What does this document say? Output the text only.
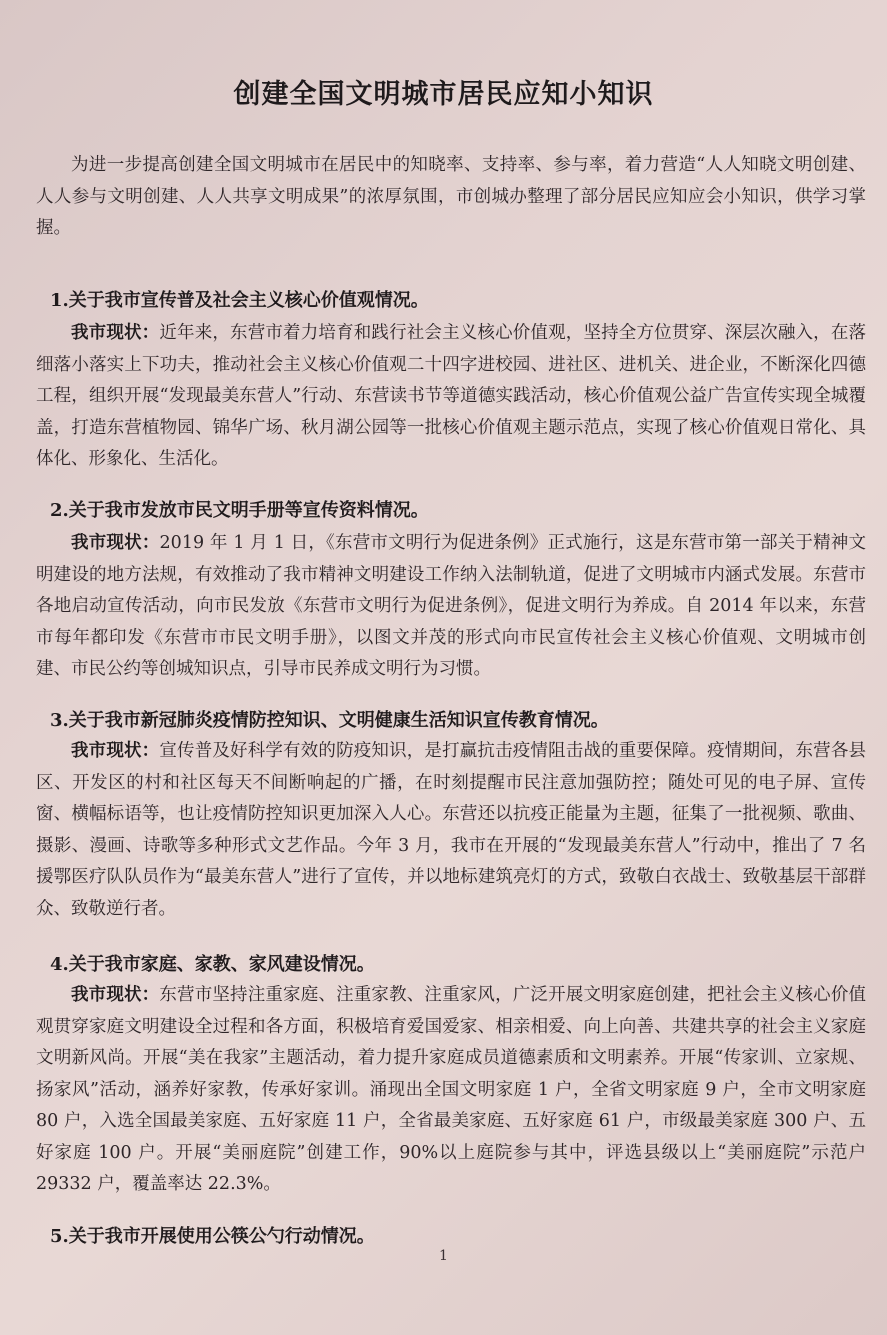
创建全国文明城市居民应知小知识

为进一步提高创建全国文明城市在居民中的知晓率、支持率、参与率，着力营造“人人知晓文明创建、人人参与文明创建、人人共享文明成果”的浓厚氛围，市创城办整理了部分居民应知应会小知识，供学习掌握。

1.关于我市宣传普及社会主义核心价值观情况。

我市现状：近年来，东营市着力培育和践行社会主义核心价值观，坚持全方位贯穿、深层次融入，在落细落小落实上下功夫，推动社会主义核心价值观二十四字进校园、进社区、进机关、进企业，不断深化四德工程，组织开展“发现最美东营人”行动、东营读书节等道德实践活动，核心价值观公益广告宣传实现全城覆盖，打造东营植物园、锦华广场、秋月湖公园等一批核心价值观主题示范点，实现了核心价值观日常化、具体化、形象化、生活化。

2.关于我市发放市民文明手册等宣传资料情况。

我市现状：2019 年 1 月 1 日，《东营市文明行为促进条例》正式施行，这是东营市第一部关于精神文明建设的地方法规，有效推动了我市精神文明建设工作纳入法制轨道，促进了文明城市内涵式发展。东营市各地启动宣传活动，向市民发放《东营市文明行为促进条例》，促进文明行为养成。自 2014 年以来，东营市每年都印发《东营市市民文明手册》，以图文并茂的形式向市民宣传社会主义核心价值观、文明城市创建、市民公约等创城知识点，引导市民养成文明行为习惯。

3.关于我市新冠肺炎疫情防控知识、文明健康生活知识宣传教育情况。

我市现状：宣传普及好科学有效的防疫知识，是打赢抗击疫情阻击战的重要保障。疫情期间，东营各县区、开发区的村和社区每天不间断响起的广播，在时刻提醒市民注意加强防控；随处可见的电子屏、宣传窗、横幅标语等，也让疫情防控知识更加深入人心。东营还以抗疫正能量为主题，征集了一批视频、歌曲、摄影、漫画、诗歌等多种形式文艺作品。今年 3 月，我市在开展的“发现最美东营人”行动中，推出了 7 名援鄂医疗队队员作为“最美东营人”进行了宣传，并以地标建筑亮灯的方式，致敬白衣战士、致敬基层干部群众、致敬逆行者。

4.关于我市家庭、家教、家风建设情况。

我市现状：东营市坚持注重家庭、注重家教、注重家风，广泛开展文明家庭创建，把社会主义核心价值观贯穿家庭文明建设全过程和各方面，积极培育爱国爱家、相亲相爱、向上向善、共建共享的社会主义家庭文明新风尚。开展“美在我家”主题活动，着力提升家庭成员道德素质和文明素养。开展“传家训、立家规、扬家风”活动，涵养好家教，传承好家训。涌现出全国文明家庭 1 户，全省文明家庭 9 户，全市文明家庭 80 户，入选全国最美家庭、五好家庭 11 户，全省最美家庭、五好家庭 61 户，市级最美家庭 300 户、五好家庭 100 户。开展“美丽庭院”创建工作，90%以上庭院参与其中，评选县级以上“美丽庭院”示范户 29332 户，覆盖率达 22.3%。

5.关于我市开展使用公筷公勺行动情况。
1
